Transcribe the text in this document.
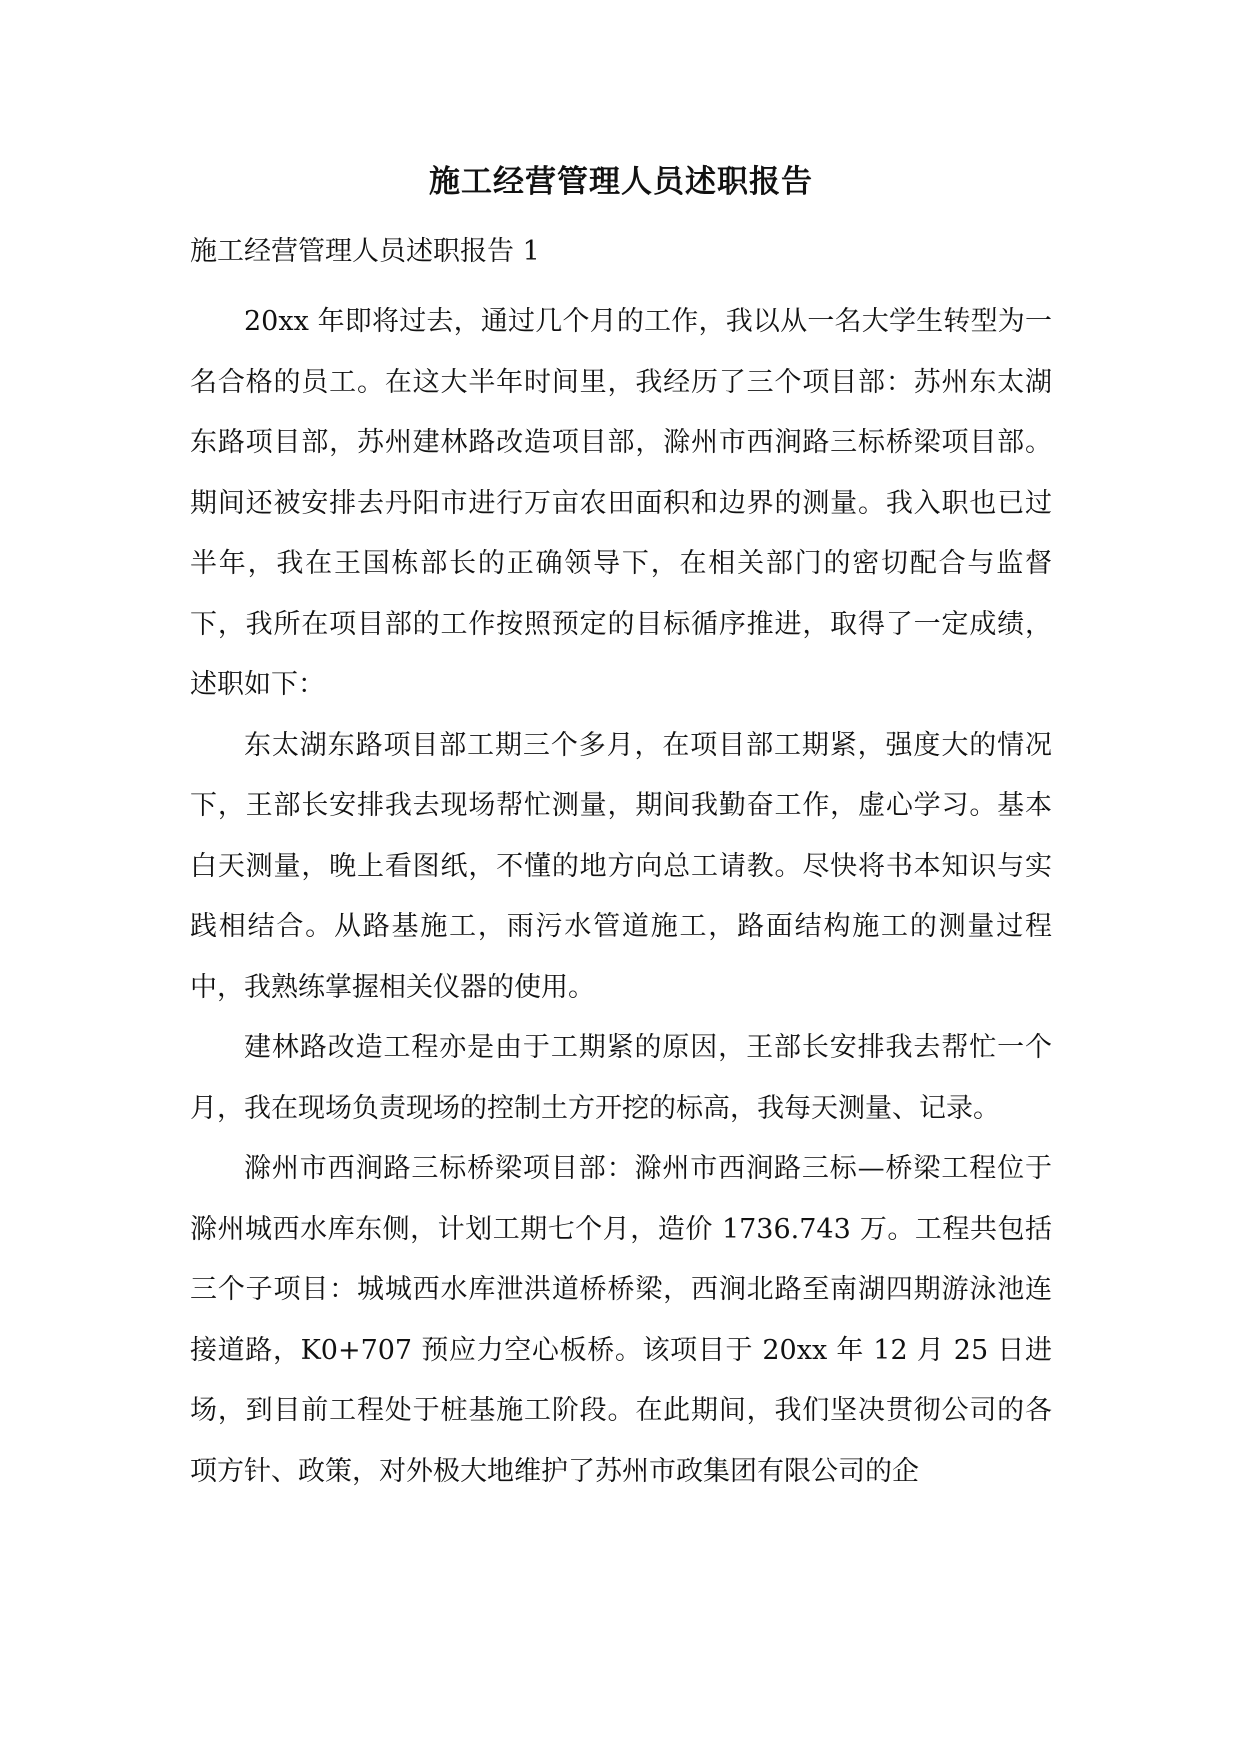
施工经营管理人员述职报告

施工经营管理人员述职报告 1

20xx 年即将过去，通过几个月的工作，我以从一名大学生转型为一名合格的员工。在这大半年时间里，我经历了三个项目部：苏州东太湖东路项目部，苏州建林路改造项目部，滁州市西涧路三标桥梁项目部。期间还被安排去丹阳市进行万亩农田面积和边界的测量。我入职也已过半年，我在王国栋部长的正确领导下，在相关部门的密切配合与监督下，我所在项目部的工作按照预定的目标循序推进，取得了一定成绩，述职如下：

东太湖东路项目部工期三个多月，在项目部工期紧，强度大的情况下，王部长安排我去现场帮忙测量，期间我勤奋工作，虚心学习。基本白天测量，晚上看图纸，不懂的地方向总工请教。尽快将书本知识与实践相结合。从路基施工，雨污水管道施工，路面结构施工的测量过程中，我熟练掌握相关仪器的使用。

建林路改造工程亦是由于工期紧的原因，王部长安排我去帮忙一个月，我在现场负责现场的控制土方开挖的标高，我每天测量、记录。

滁州市西涧路三标桥梁项目部：滁州市西涧路三标—桥梁工程位于滁州城西水库东侧，计划工期七个月，造价 1736.743 万。工程共包括三个子项目：城城西水库泄洪道桥桥梁，西涧北路至南湖四期游泳池连接道路，K0+707 预应力空心板桥。该项目于 20xx 年 12 月 25 日进场，到目前工程处于桩基施工阶段。在此期间，我们坚决贯彻公司的各项方针、政策，对外极大地维护了苏州市政集团有限公司的企
